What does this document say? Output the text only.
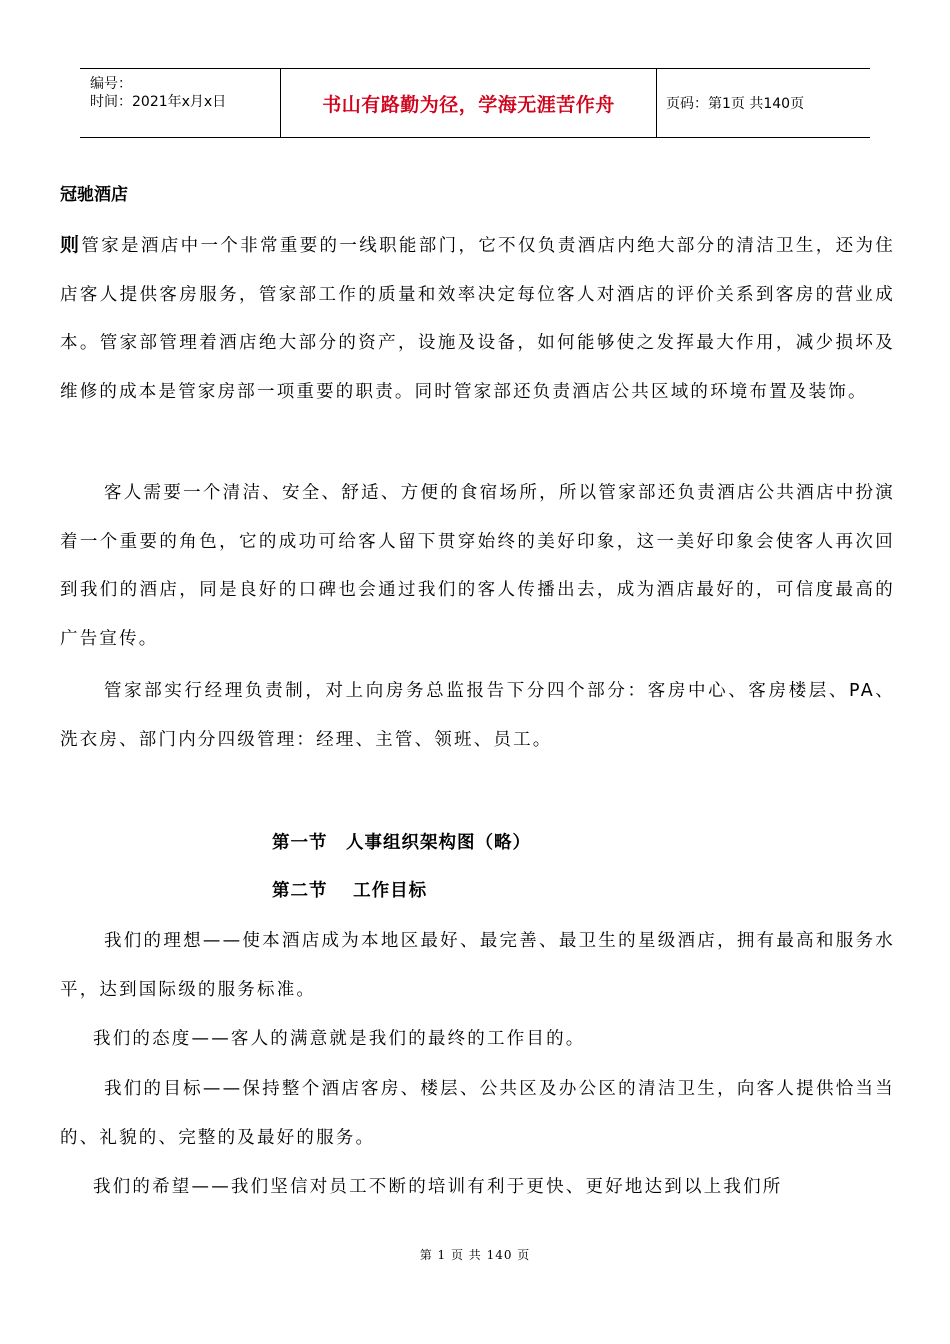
编号：
时间：2021年x月x日	书山有路勤为径，学海无涯苦作舟	页码：第1页 共140页
冠驰酒店
则管家是酒店中一个非常重要的一线职能部门，它不仅负责酒店内绝大部分的清洁卫生，还为住店客人提供客房服务，管家部工作的质量和效率决定每位客人对酒店的评价关系到客房的营业成本。管家部管理着酒店绝大部分的资产，设施及设备，如何能够使之发挥最大作用，减少损坏及 维修的成本是管家房部一项重要的职责。同时管家部还负责酒店公共区域的环境布置及装饰。
客人需要一个清洁、安全、舒适、方便的食宿场所，所以管家部还负责酒店公共酒店中扮演着一个重要的角色，它的成功可给客人留下贯穿始终的美好印象，这一美好印象会使客人再次回到我们的酒店，同是良好的口碑也会通过我们的客人传播出去，成为酒店最好的，可信度最高的广告宣传。
管家部实行经理负责制，对上向房务总监报告下分四个部分：客房中心、客房楼层、PA、洗衣房、部门内分四级管理：经理、主管、领班、员工。
第一节　人事组织架构图（略）
第二节　 工作目标
我们的理想——使本酒店成为本地区最好、最完善、最卫生的星级酒店，拥有最高和服务水平，达到国际级的服务标准。
我们的态度——客人的满意就是我们的最终的工作目的。
我们的目标——保持整个酒店客房、楼层、公共区及办公区的清洁卫生，向客人提供恰当当的、礼貌的、完整的及最好的服务。
我们的希望——我们坚信对员工不断的培训有利于更快、更好地达到以上我们所
第 1 页 共 140 页
